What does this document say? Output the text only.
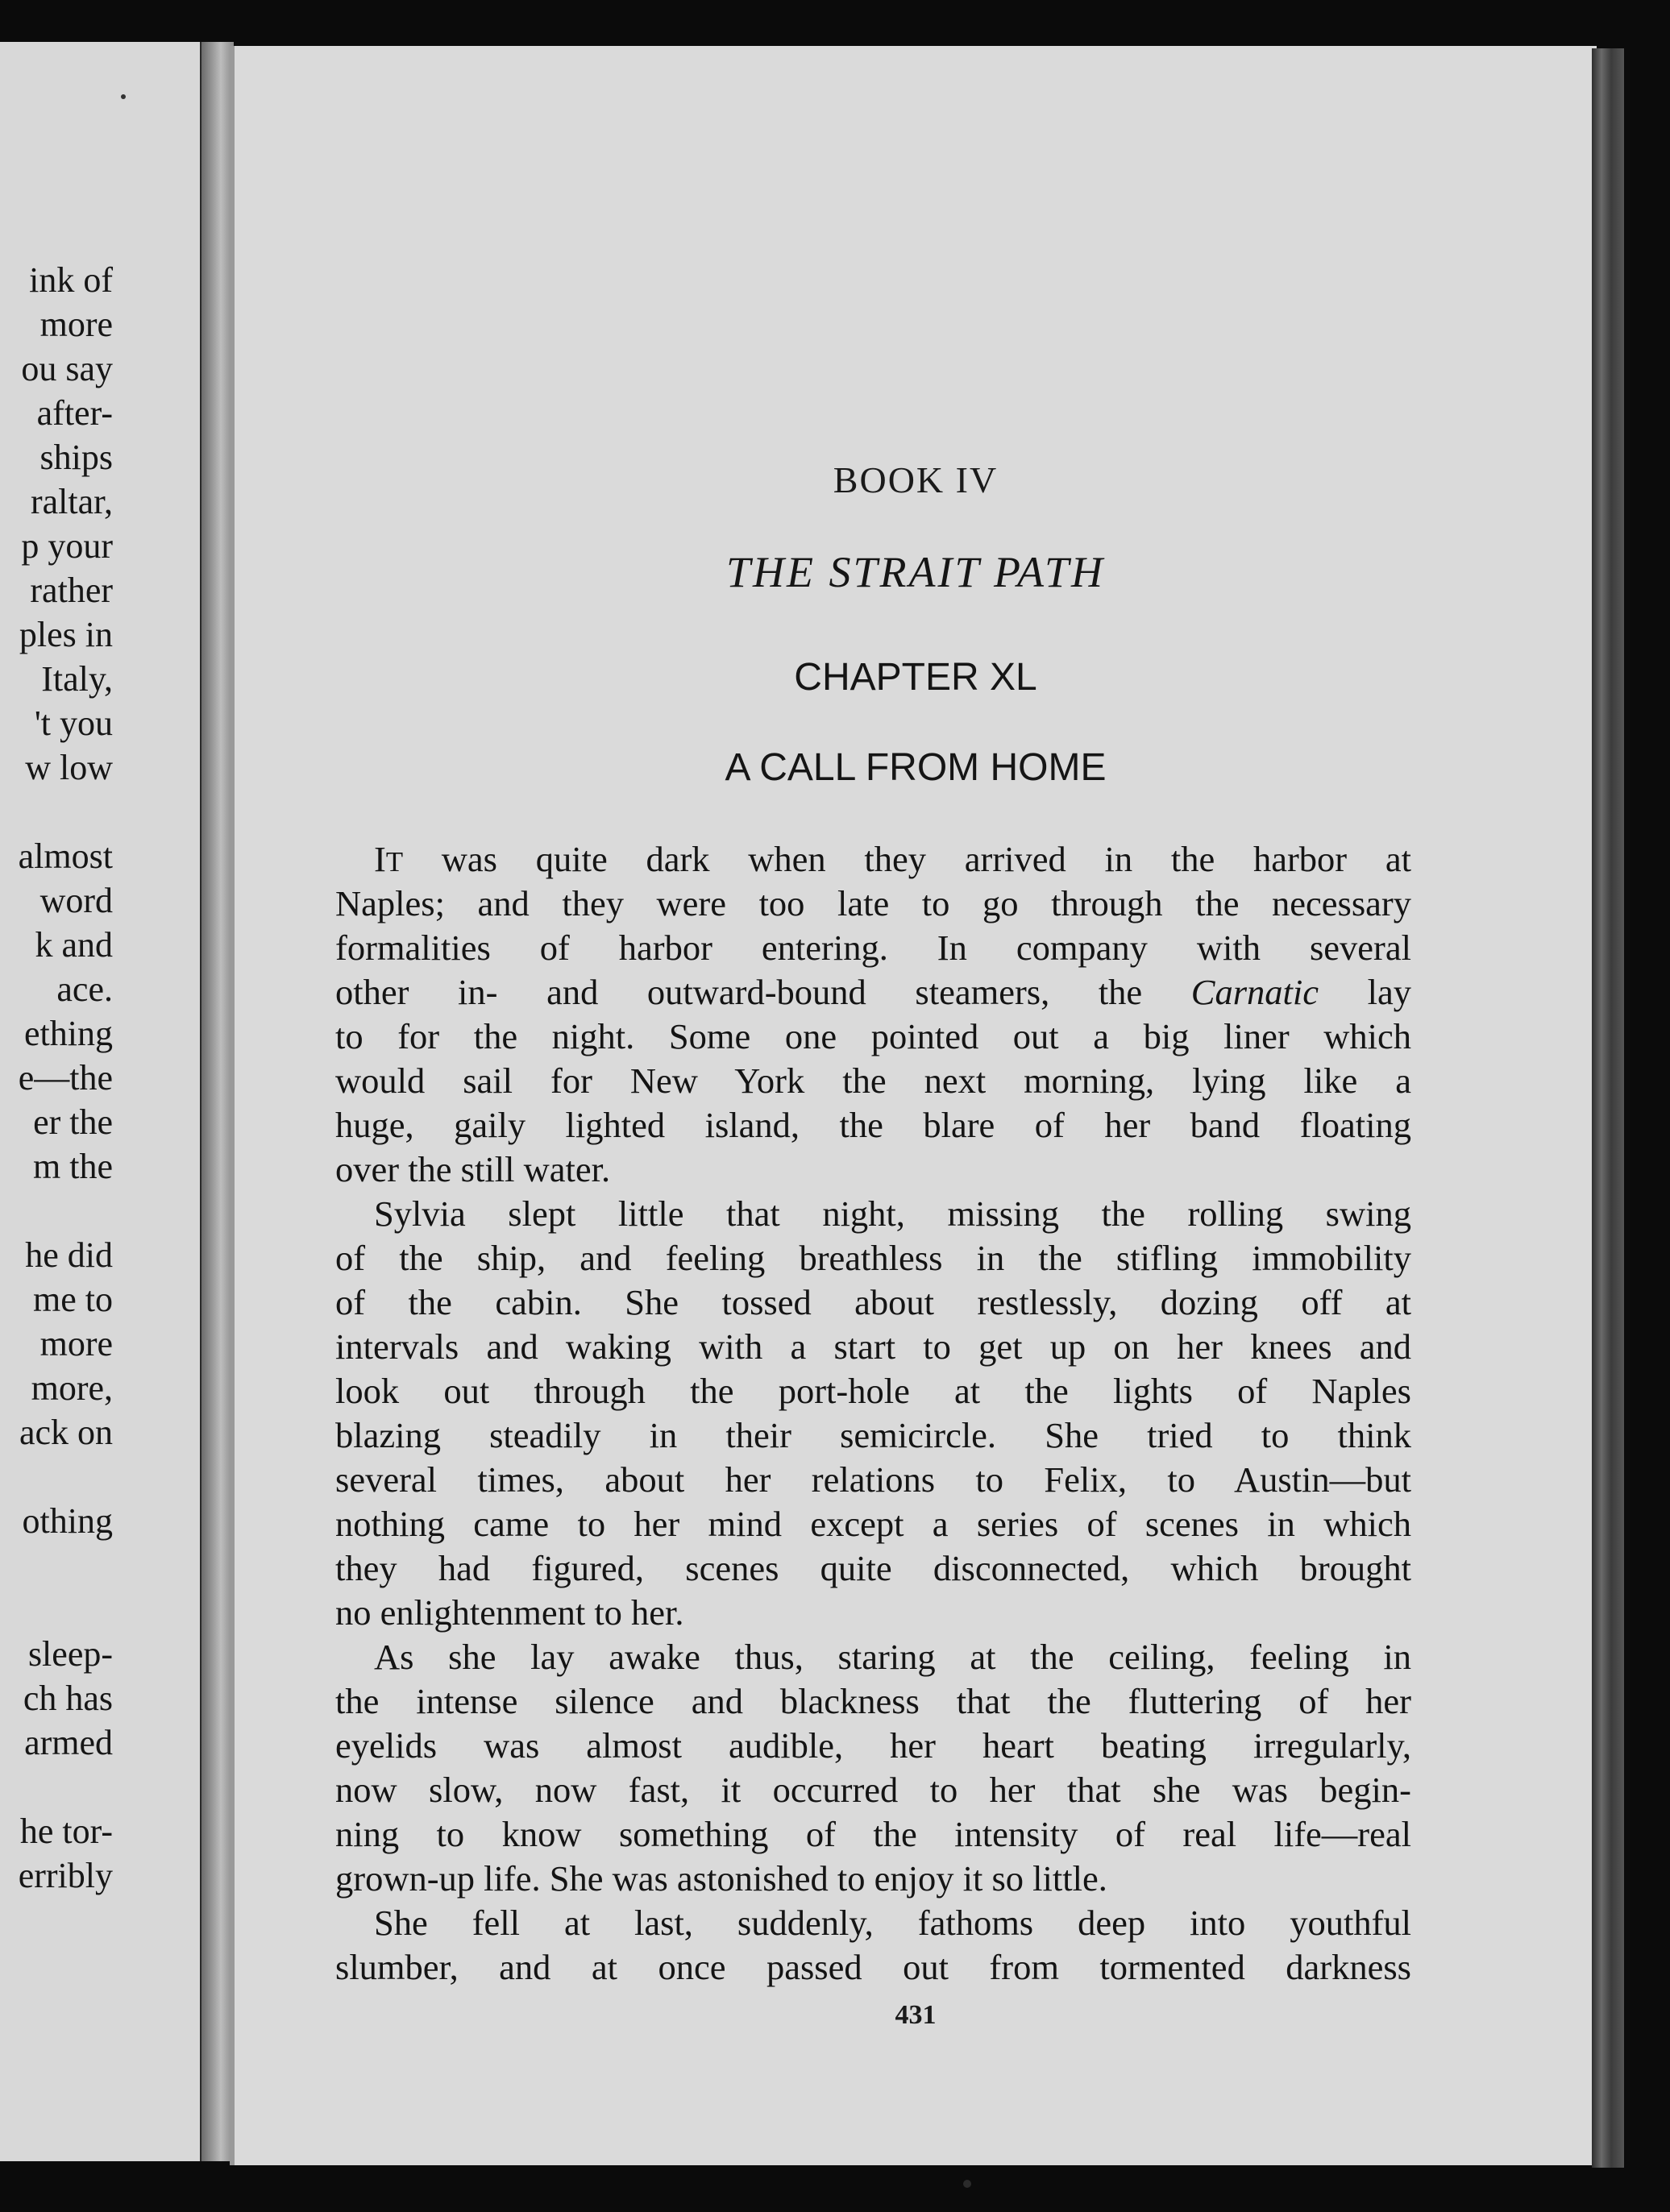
ink of
more
ou say
after-
ships
raltar,
p your
rather
ples in
Italy,
't you
w low
almost
word
k and
ace.
ething
e—the
er the
m the
he did
me to
more
more,
ack on
othing
sleep-
ch has
armed
he tor-
erribly
BOOK IV
THE STRAIT PATH
CHAPTER XL
A CALL FROM HOME
IT was quite dark when they arrived in the harbor at
Naples; and they were too late to go through the necessary
formalities of harbor entering. In company with several
other in- and outward-bound steamers, the Carnatic lay
to for the night. Some one pointed out a big liner which
would sail for New York the next morning, lying like a
huge, gaily lighted island, the blare of her band floating
over the still water.
Sylvia slept little that night, missing the rolling swing
of the ship, and feeling breathless in the stifling immobility
of the cabin. She tossed about restlessly, dozing off at
intervals and waking with a start to get up on her knees and
look out through the port-hole at the lights of Naples
blazing steadily in their semicircle. She tried to think
several times, about her relations to Felix, to Austin—but
nothing came to her mind except a series of scenes in which
they had figured, scenes quite disconnected, which brought
no enlightenment to her.
As she lay awake thus, staring at the ceiling, feeling in
the intense silence and blackness that the fluttering of her
eyelids was almost audible, her heart beating irregularly,
now slow, now fast, it occurred to her that she was begin-
ning to know something of the intensity of real life—real
grown-up life. She was astonished to enjoy it so little.
She fell at last, suddenly, fathoms deep into youthful
slumber, and at once passed out from tormented darkness
431
